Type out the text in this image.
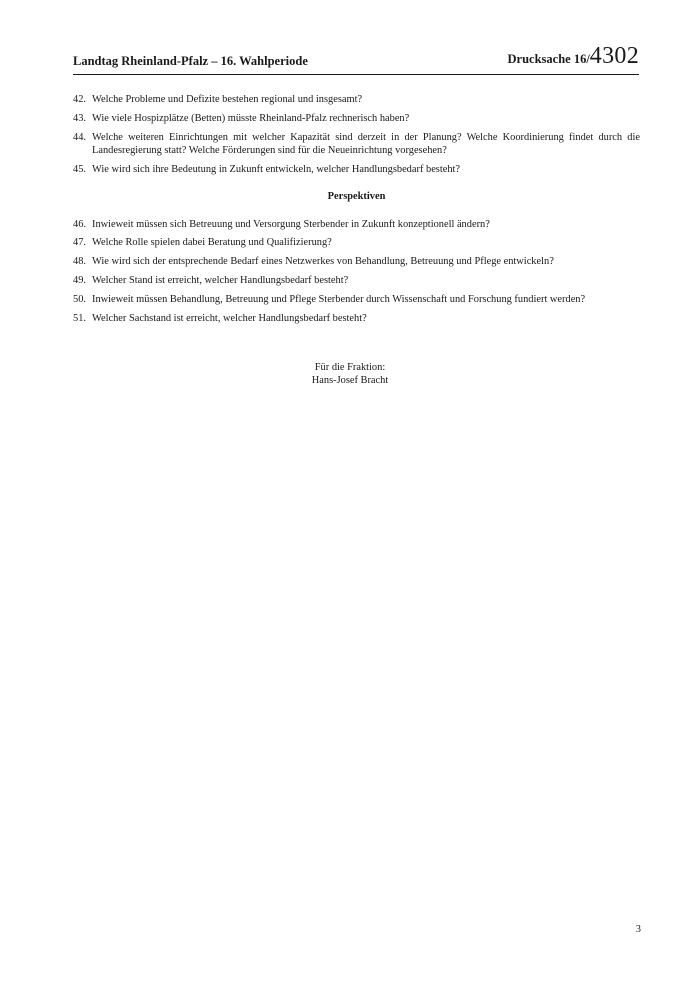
Landtag Rheinland-Pfalz – 16. Wahlperiode	Drucksache 16/4302
42. Welche Probleme und Defizite bestehen regional und insgesamt?
43. Wie viele Hospizplätze (Betten) müsste Rheinland-Pfalz rechnerisch haben?
44. Welche weiteren Einrichtungen mit welcher Kapazität sind derzeit in der Planung? Welche Koordinierung findet durch die Landesregierung statt? Welche Förderungen sind für die Neueinrichtung vorgesehen?
45. Wie wird sich ihre Bedeutung in Zukunft entwickeln, welcher Handlungsbedarf besteht?
Perspektiven
46. Inwieweit müssen sich Betreuung und Versorgung Sterbender in Zukunft konzeptionell ändern?
47. Welche Rolle spielen dabei Beratung und Qualifizierung?
48. Wie wird sich der entsprechende Bedarf eines Netzwerkes von Behandlung, Betreuung und Pflege entwickeln?
49. Welcher Stand ist erreicht, welcher Handlungsbedarf besteht?
50. Inwieweit müssen Behandlung, Betreuung und Pflege Sterbender durch Wissenschaft und Forschung fundiert werden?
51. Welcher Sachstand ist erreicht, welcher Handlungsbedarf besteht?
Für die Fraktion:
Hans-Josef Bracht
3
